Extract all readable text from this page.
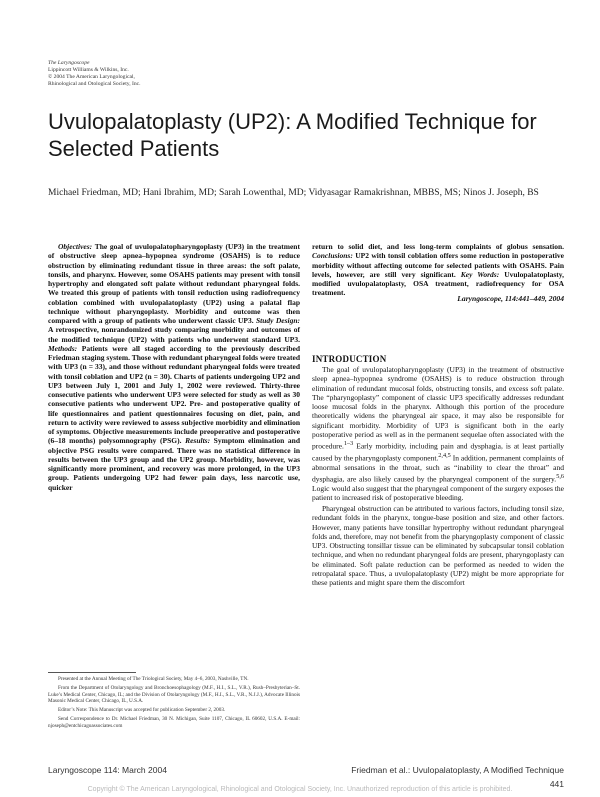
The Laryngoscope
Lippincott Williams & Wilkins, Inc.
© 2004 The American Laryngological,
Rhinological and Otological Society, Inc.
Uvulopalatoplasty (UP2): A Modified Technique for Selected Patients
Michael Friedman, MD; Hani Ibrahim, MD; Sarah Lowenthal, MD; Vidyasagar Ramakrishnan, MBBS, MS; Ninos J. Joseph, BS
Objectives: The goal of uvulopalatopharyngoplasty (UP3) in the treatment of obstructive sleep apnea–hypopnea syndrome (OSAHS) is to reduce obstruction by eliminating redundant tissue in three areas: the soft palate, tonsils, and pharynx. However, some OSAHS patients may present with tonsil hypertrophy and elongated soft palate without redundant pharyngeal folds. We treated this group of patients with tonsil reduction using radiofrequency coblation combined with uvulopalatoplasty (UP2) using a palatal flap technique without pharyngoplasty. Morbidity and outcome was then compared with a group of patients who underwent classic UP3. Study Design: A retrospective, nonrandomized study comparing morbidity and outcomes of the modified technique (UP2) with patients who underwent standard UP3. Methods: Patients were all staged according to the previously described Friedman staging system. Those with redundant pharyngeal folds were treated with UP3 (n = 33), and those without redundant pharyngeal folds were treated with tonsil coblation and UP2 (n = 30). Charts of patients undergoing UP2 and UP3 between July 1, 2001 and July 1, 2002 were reviewed. Thirty-three consecutive patients who underwent UP3 were selected for study as well as 30 consecutive patients who underwent UP2. Pre- and postoperative quality of life questionnaires and patient questionnaires focusing on diet, pain, and return to activity were reviewed to assess subjective morbidity and elimination of symptoms. Objective measurements include preoperative and postoperative (6–18 months) polysomnography (PSG). Results: Symptom elimination and objective PSG results were compared. There was no statistical difference in results between the UP3 group and the UP2 group. Morbidity, however, was significantly more prominent, and recovery was more prolonged, in the UP3 group. Patients undergoing UP2 had fewer pain days, less narcotic use, quicker
return to solid diet, and less long-term complaints of globus sensation. Conclusions: UP2 with tonsil coblation offers some reduction in postoperative morbidity without affecting outcome for selected patients with OSAHS. Pain levels, however, are still very significant. Key Words: Uvulopalatoplasty, modified uvulopalatoplasty, OSA treatment, radiofrequency for OSA treatment.
Laryngoscope, 114:441–449, 2004
INTRODUCTION

The goal of uvulopalatopharyngoplasty (UP3) in the treatment of obstructive sleep apnea–hypopnea syndrome (OSAHS) is to reduce obstruction through elimination of redundant mucosal folds, obstructing tonsils, and excess soft palate. The “pharyngoplasty” component of classic UP3 specifically addresses redundant loose mucosal folds in the pharynx. Although this portion of the procedure theoretically widens the pharyngeal air space, it may also be responsible for significant morbidity. Morbidity of UP3 is significant both in the early postoperative period as well as in the permanent sequelae often associated with the procedure.$^{1-3}$ Early morbidity, including pain and dysphagia, is at least partially caused by the pharyngoplasty component.$^{2,4,5}$ In addition, permanent complaints of abnormal sensations in the throat, such as “inability to clear the throat” and dysphagia, are also likely caused by the pharyngeal component of the surgery.$^{5,6}$ Logic would also suggest that the pharyngeal component of the surgery exposes the patient to increased risk of postoperative bleeding.

Pharyngeal obstruction can be attributed to various factors, including tonsil size, redundant folds in the pharynx, tongue-base position and size, and other factors. However, many patients have tonsillar hypertrophy without redundant pharyngeal folds and, therefore, may not benefit from the pharyngoplasty component of classic UP3. Obstructing tonsillar tissue can be eliminated by subcapsular tonsil coblation technique, and when no redundant pharyngeal folds are present, pharyngoplasty can be eliminated. Soft palate reduction can be performed as needed to widen the retropalatal space. Thus, a uvulopalatoplasty (UP2) might be more appropriate for these patients and might spare them the discomfort

Presented at the Annual Meeting of The Triological Society, May 4–6, 2003, Nashville, TN.

From the Department of Otolaryngology and Bronchoesophagology (M.F., H.I., S.L., V.R.), Rush–Presbyterian–St. Luke’s Medical Center, Chicago, IL; and the Division of Otolaryngology (M.F., H.I., S.L., V.R., N.J.J.), Advocate Illinois Masonic Medical Center, Chicago, IL, U.S.A.

Editor’s Note: This Manuscript was accepted for publication September 2, 2003.

Send Correspondence to Dr. Michael Friedman, 30 N. Michigan, Suite 1107, Chicago, IL 60602, U.S.A. E-mail: njoseph@entchicagoassociates.com

Laryngoscope 114: March 2004	Friedman et al.: Uvulopalatoplasty, A Modified Technique
441
Copyright © The American Laryngological, Rhinological and Otological Society, Inc. Unauthorized reproduction of this article is prohibited.
